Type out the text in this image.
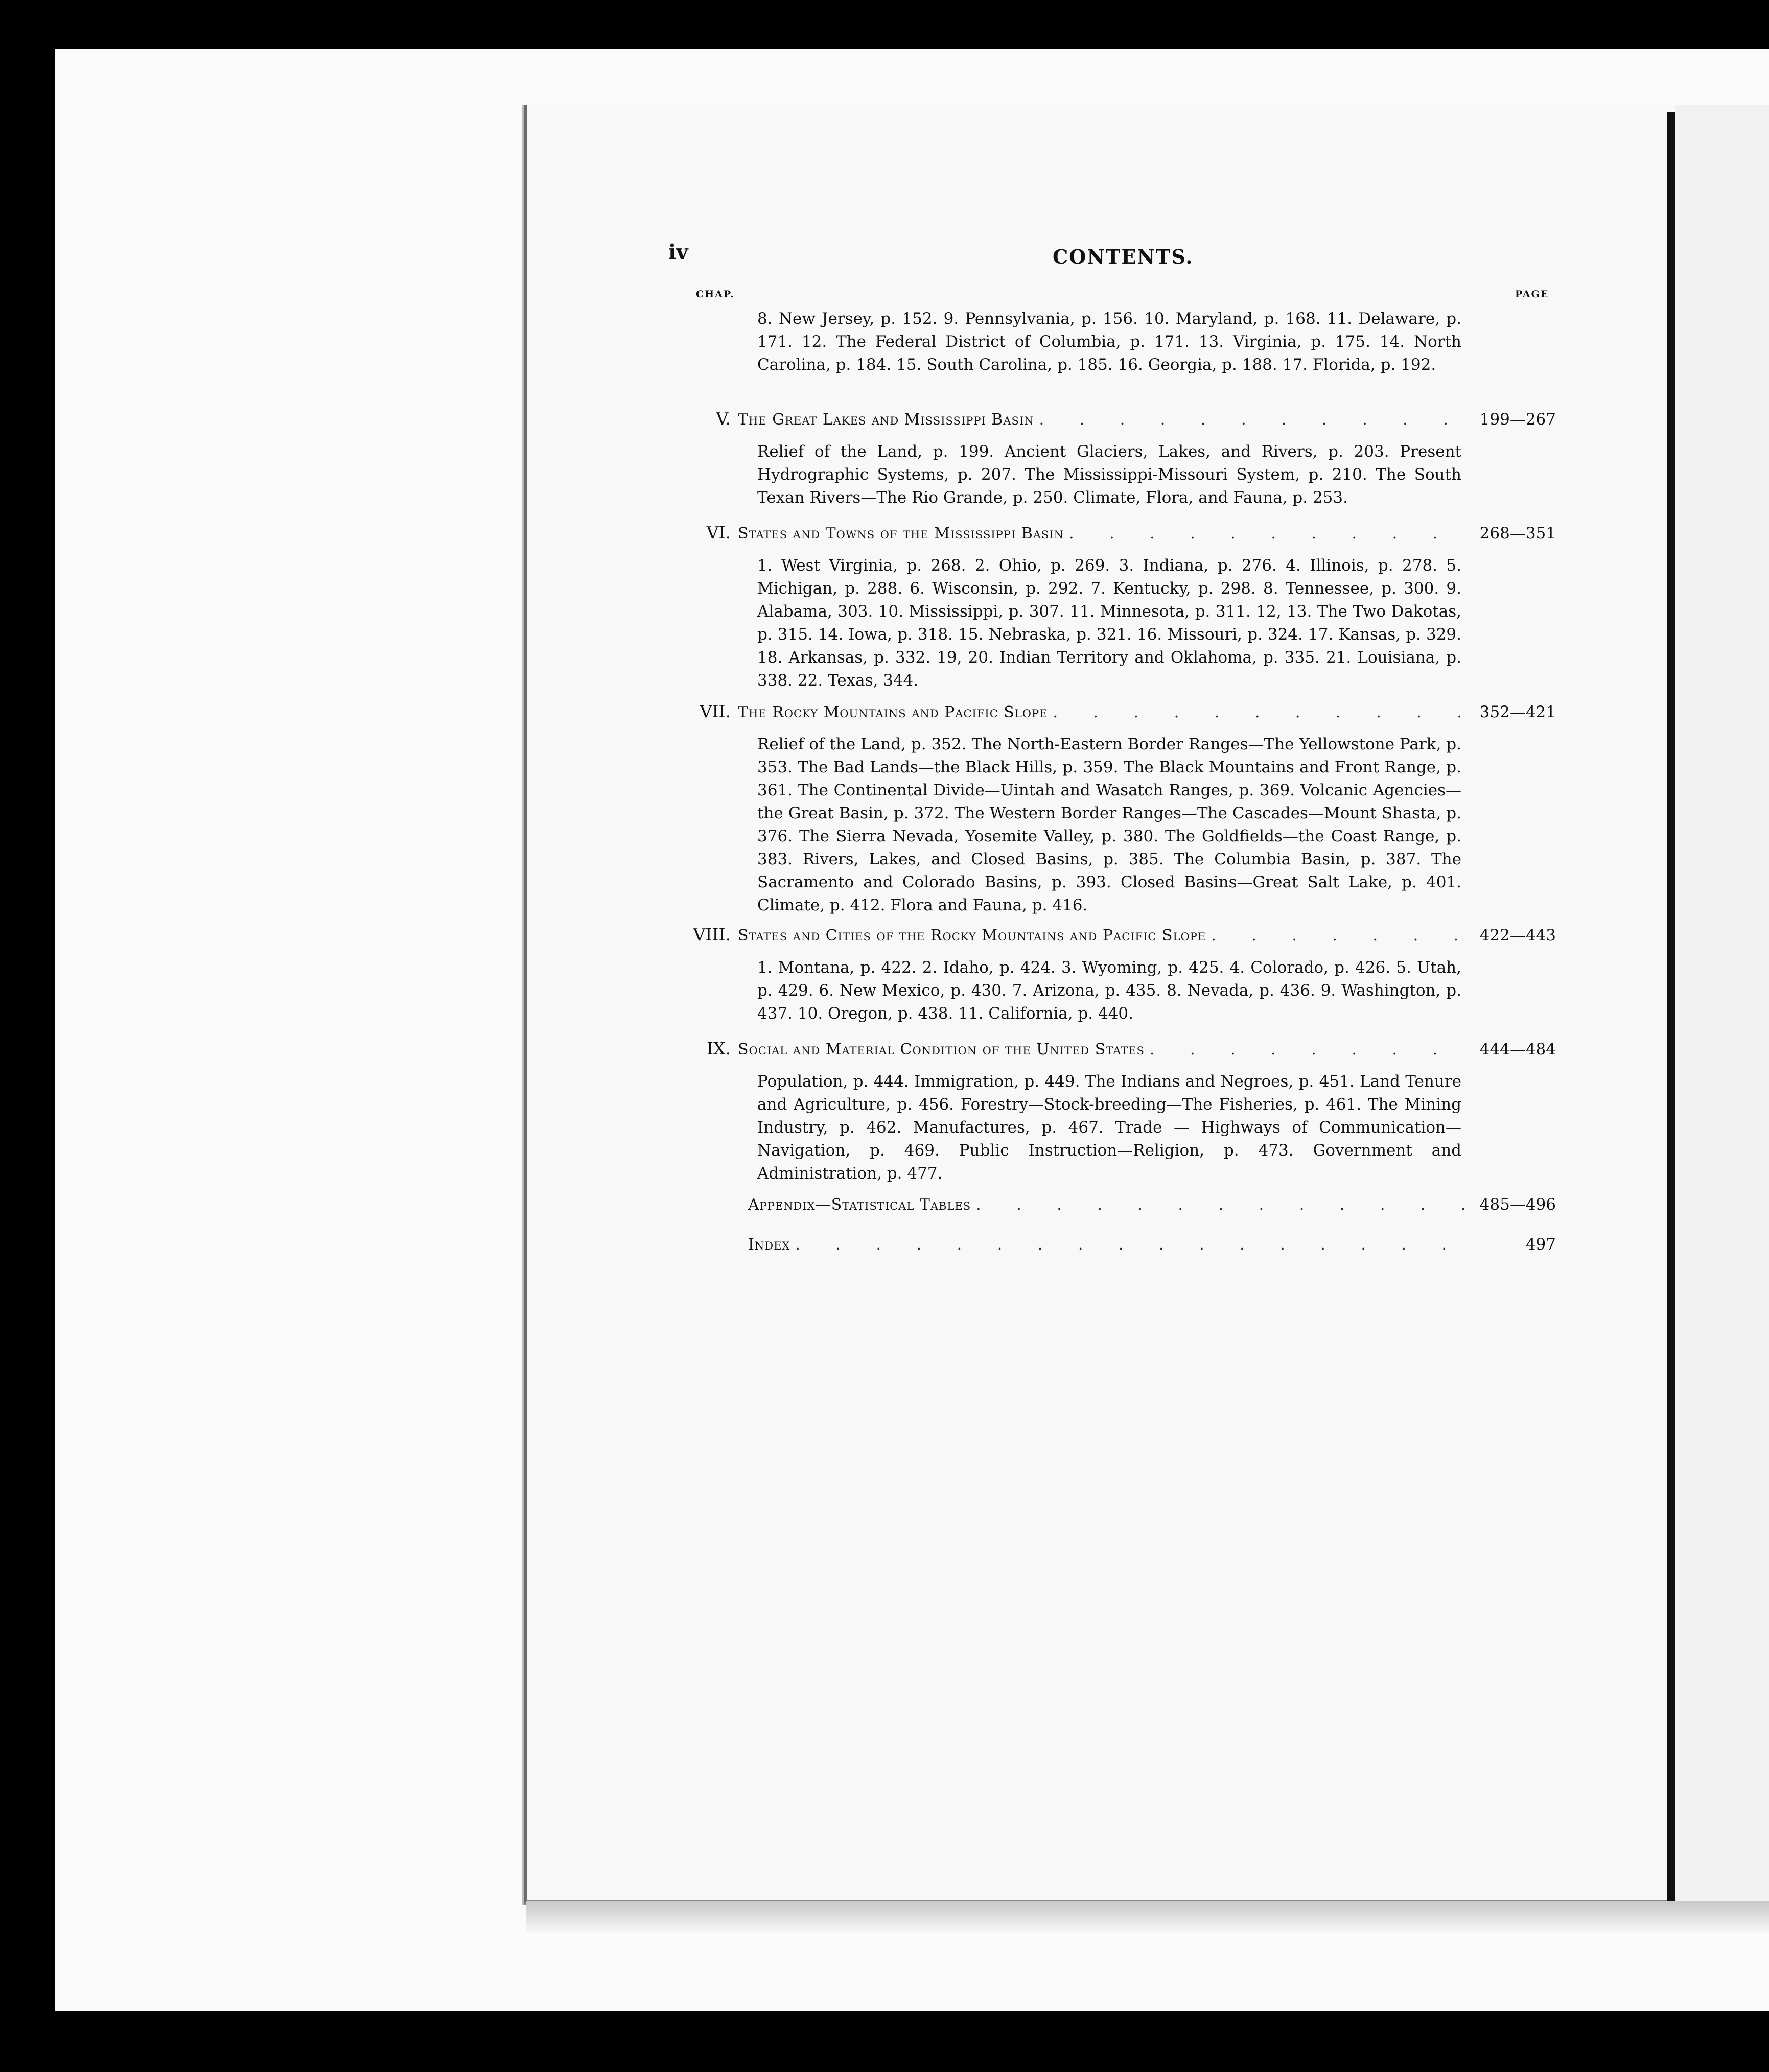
iv	CONTENTS.
CHAP.	PAGE
8. New Jersey, p. 152. 9. Pennsylvania, p. 156. 10. Maryland, p. 168. 11. Delaware, p. 171. 12. The Federal District of Columbia, p. 171. 13. Virginia, p. 175. 14. North Carolina, p. 184. 15. South Carolina, p. 185. 16. Georgia, p. 188. 17. Florida, p. 192.
V. The Great Lakes and Mississippi Basin . . .	199—267
Relief of the Land, p. 199. Ancient Glaciers, Lakes, and Rivers, p. 203. Present Hydrographic Systems, p. 207. The Mississippi-Missouri System, p. 210. The South Texan Rivers—The Rio Grande, p. 250. Climate, Flora, and Fauna, p. 253.
VI. States and Towns of the Mississippi Basin . . .	268—351
1. West Virginia, p. 268. 2. Ohio, p. 269. 3. Indiana, p. 276. 4. Illinois, p. 278. 5. Michigan, p. 288. 6. Wisconsin, p. 292. 7. Kentucky, p. 298. 8. Tennessee, p. 300. 9. Alabama, 303. 10. Mississippi, p. 307. 11. Minnesota, p. 311. 12, 13. The Two Dakotas, p. 315. 14. Iowa, p. 318. 15. Nebraska, p. 321. 16. Missouri, p. 324. 17. Kansas, p. 329. 18. Arkansas, p. 332. 19, 20. Indian Territory and Oklahoma, p. 335. 21. Louisiana, p. 338. 22. Texas, 344.
VII. The Rocky Mountains and Pacific Slope . . .	352—421
Relief of the Land, p. 352. The North-Eastern Border Ranges—The Yellowstone Park, p. 353. The Bad Lands—the Black Hills, p. 359. The Black Mountains and Front Range, p. 361. The Continental Divide—Uintah and Wasatch Ranges, p. 369. Volcanic Agencies—the Great Basin, p. 372. The Western Border Ranges—The Cascades—Mount Shasta, p. 376. The Sierra Nevada, Yosemite Valley, p. 380. The Goldfields—the Coast Range, p. 383. Rivers, Lakes, and Closed Basins, p. 385. The Columbia Basin, p. 387. The Sacramento and Colorado Basins, p. 393. Closed Basins—Great Salt Lake, p. 401. Climate, p. 412. Flora and Fauna, p. 416.
VIII. States and Cities of the Rocky Mountains and Pacific Slope . . .	422—443
1. Montana, p. 422. 2. Idaho, p. 424. 3. Wyoming, p. 425. 4. Colorado, p. 426. 5. Utah, p. 429. 6. New Mexico, p. 430. 7. Arizona, p. 435. 8. Nevada, p. 436. 9. Washington, p. 437. 10. Oregon, p. 438. 11. California, p. 440.
IX. Social and Material Condition of the United States . . .	444—484
Population, p. 444. Immigration, p. 449. The Indians and Negroes, p. 451. Land Tenure and Agriculture, p. 456. Forestry—Stock-breeding—The Fisheries, p. 461. The Mining Industry, p. 462. Manufactures, p. 467. Trade — Highways of Communication—Navigation, p. 469. Public Instruction—Religion, p. 473. Government and Administration, p. 477.
Appendix—Statistical Tables . . .	485—496
Index . . .	497
